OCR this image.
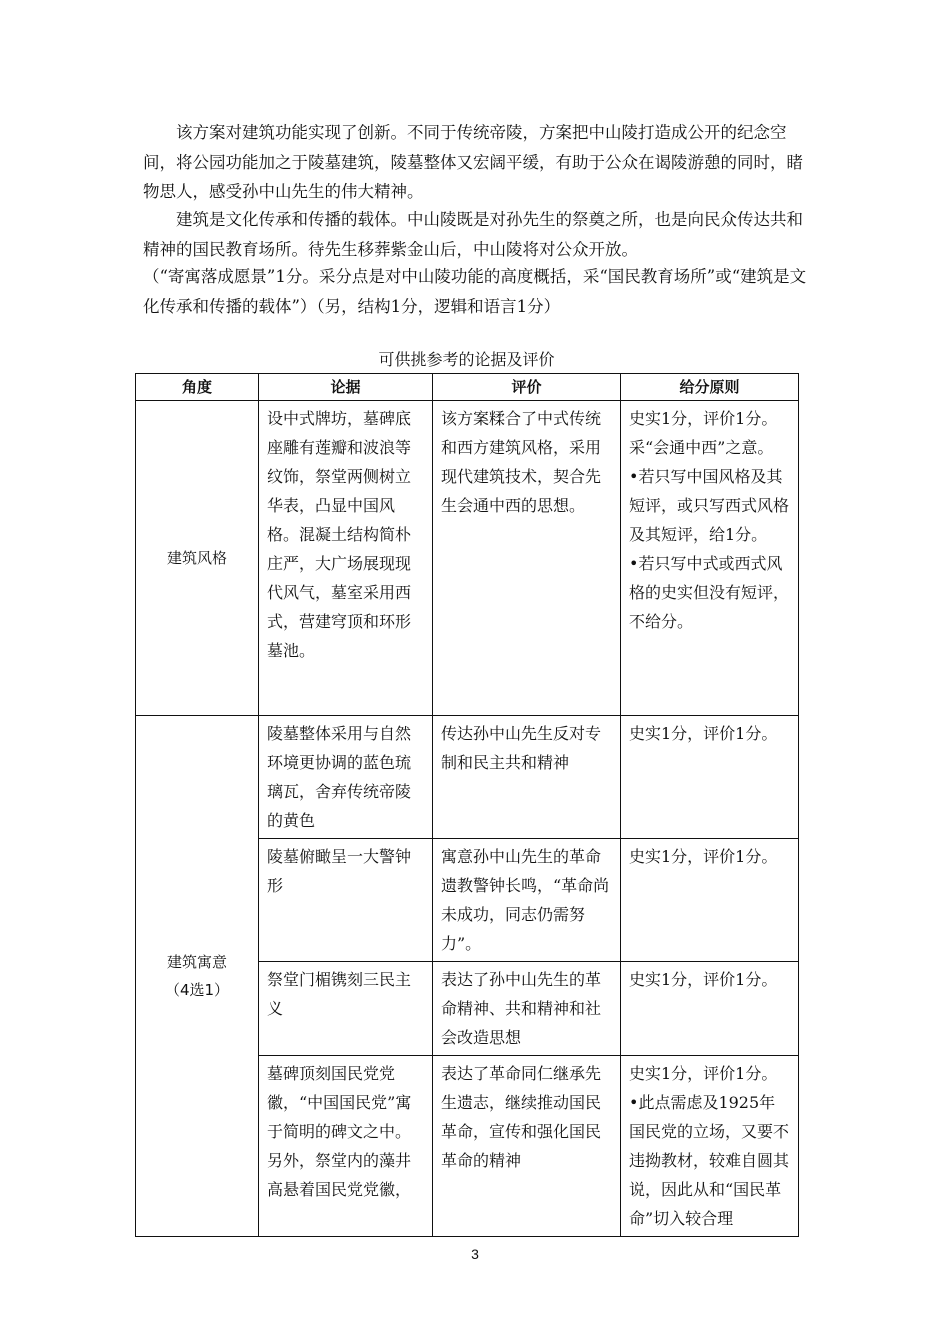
该方案对建筑功能实现了创新。不同于传统帝陵，方案把中山陵打造成公开的纪念空间，将公园功能加之于陵墓建筑，陵墓整体又宏阔平缓，有助于公众在谒陵游憩的同时，睹物思人，感受孙中山先生的伟大精神。

建筑是文化传承和传播的载体。中山陵既是对孙先生的祭奠之所，也是向民众传达共和精神的国民教育场所。待先生移葬紫金山后，中山陵将对公众开放。

（“寄寓落成愿景”1分。采分点是对中山陵功能的高度概括，采“国民教育场所”或“建筑是文化传承和传播的载体”）（另，结构1分，逻辑和语言1分）

可供挑参考的论据及评价
角度	论据	评价	给分原则
建筑风格	设中式牌坊，墓碑底座雕有莲瓣和波浪等纹饰，祭堂两侧树立华表，凸显中国风格。混凝土结构简朴庄严，大广场展现现代风气，墓室采用西式，营建穹顶和环形墓池。	该方案糅合了中式传统和西方建筑风格，采用现代建筑技术，契合先生会通中西的思想。	史实1分，评价1分。
采“会通中西”之意。
•若只写中国风格及其短评，或只写西式风格及其短评，给1分。
•若只写中式或西式风格的史实但没有短评，不给分。

建筑寓意
（4选1）	陵墓整体采用与自然环境更协调的蓝色琉璃瓦，舍弃传统帝陵的黄色	传达孙中山先生反对专制和民主共和精神	史实1分，评价1分。

	陵墓俯瞰呈一大警钟形	寓意孙中山先生的革命遗教警钟长鸣，“革命尚未成功，同志仍需努力”。	史实1分，评价1分。

	祭堂门楣镌刻三民主义	表达了孙中山先生的革命精神、共和精神和社会改造思想	史实1分，评价1分。

	墓碑顶刻国民党党徽，“中国国民党”寓于简明的碑文之中。另外，祭堂内的藻井高悬着国民党党徽，	表达了革命同仁继承先生遗志，继续推动国民革命，宣传和强化国民革命的精神	史实1分，评价1分。
•此点需虑及1925年国民党的立场，又要不违拗教材，较难自圆其说，因此从和“国民革命”切入较合理
3
